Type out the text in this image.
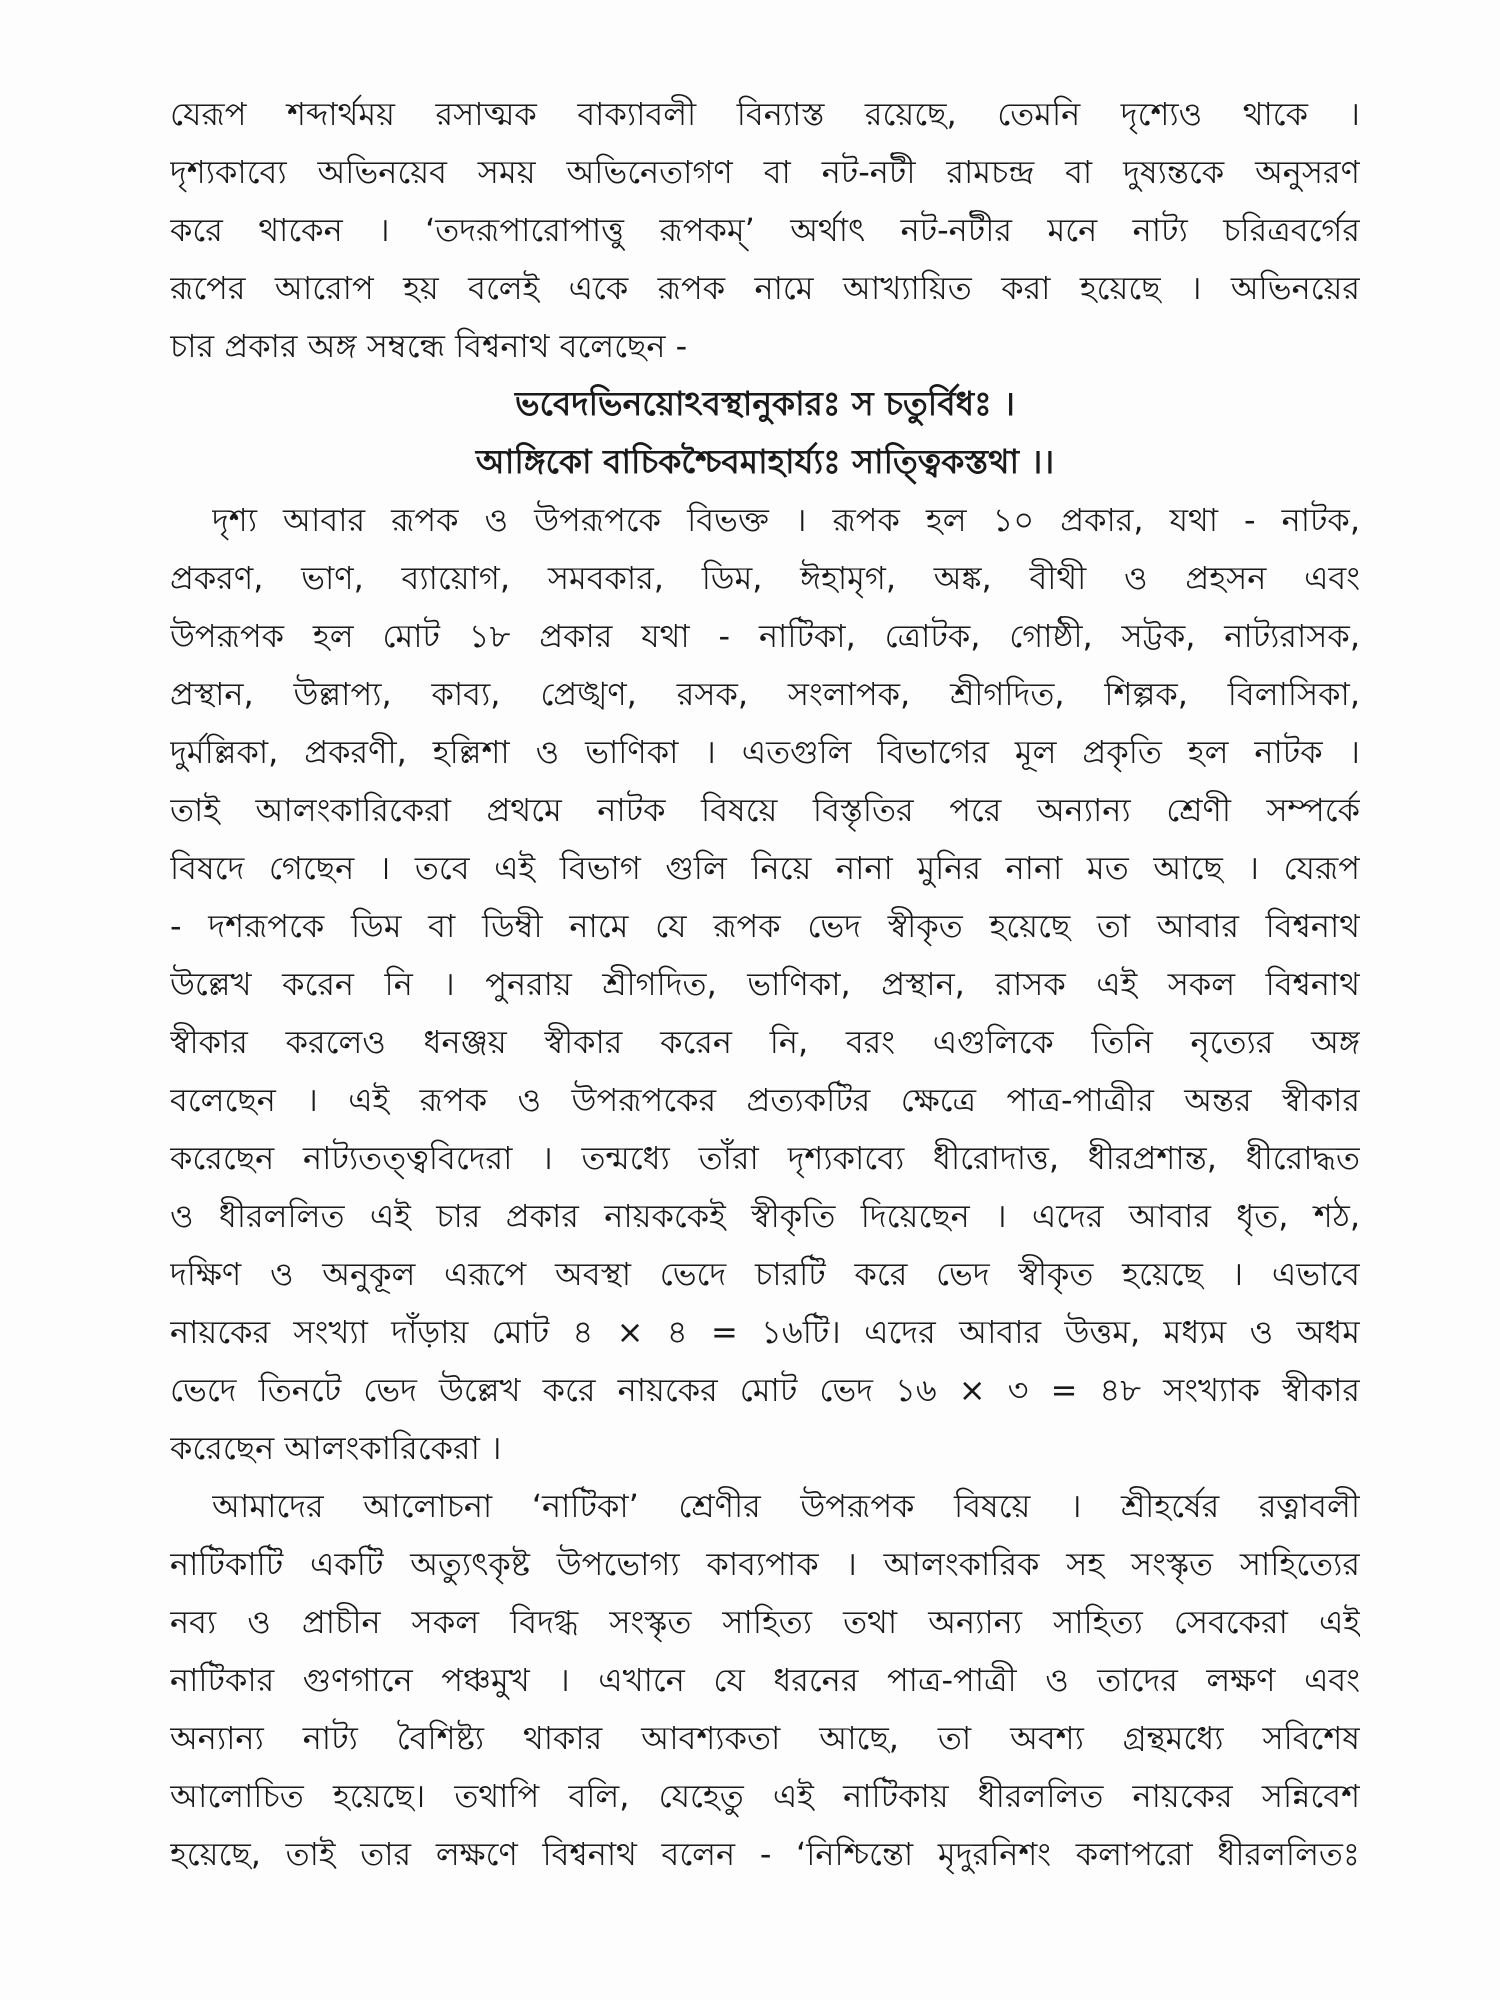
যেরূপ শব্দার্থময় রসাত্মক বাক্যাবলী বিন্যাস্ত রয়েছে, তেমনি দৃশ্যেও থাকে ।
দৃশ্যকাব্যে অভিনয়েব সময় অভিনেতাগণ বা নট-নটী রামচন্দ্র বা দুষ্যন্তকে অনুসরণ
করে থাকেন । ‘তদরূপারোপাত্তু রূপকম্’ অর্থাৎ নট-নটীর মনে নাট্য চরিত্রবর্গের
রূপের আরোপ হয় বলেই একে রূপক নামে আখ্যায়িত করা হয়েছে । অভিনয়ের
চার প্রকার অঙ্গ সম্বন্ধে বিশ্বনাথ বলেছেন -
ভবেদভিনয়োঽবস্থানুকারঃ স চতুর্বিধঃ ।
আঙ্গিকো বাচিকশ্চৈবমাহার্য্যঃ সাত্ত্বিকস্তথা ।।
দৃশ্য আবার রূপক ও উপরূপকে বিভক্ত । রূপক হল ১০ প্রকার, যথা - নাটক,
প্রকরণ, ভাণ, ব্যায়োগ, সমবকার, ডিম, ঈহামৃগ, অঙ্ক, বীথী ও প্রহসন এবং
উপরূপক হল মোট ১৮ প্রকার যথা - নাটিকা, ত্রোটক, গোষ্ঠী, সট্টক, নাট্যরাসক,
প্রস্থান, উল্লাপ্য, কাব্য, প্রেঙ্খণ, রসক, সংলাপক, শ্রীগদিত, শিল্পক, বিলাসিকা,
দুর্মল্লিকা, প্রকরণী, হল্লিশা ও ভাণিকা । এতগুলি বিভাগের মূল প্রকৃতি হল নাটক ।
তাই আলংকারিকেরা প্রথমে নাটক বিষয়ে বিস্তৃতির পরে অন্যান্য শ্রেণী সম্পর্কে
বিষদে গেছেন । তবে এই বিভাগ গুলি নিয়ে নানা মুনির নানা মত আছে । যেরূপ
- দশরূপকে ডিম বা ডিম্বী নামে যে রূপক ভেদ স্বীকৃত হয়েছে তা আবার বিশ্বনাথ
উল্লেখ করেন নি । পুনরায় শ্রীগদিত, ভাণিকা, প্রস্থান, রাসক এই সকল বিশ্বনাথ
স্বীকার করলেও ধনঞ্জয় স্বীকার করেন নি, বরং এগুলিকে তিনি নৃত্যের অঙ্গ
বলেছেন । এই রূপক ও উপরূপকের প্রত্যকটির ক্ষেত্রে পাত্র-পাত্রীর অন্তর স্বীকার
করেছেন নাট্যতত্ত্ববিদেরা । তন্মধ্যে তাঁরা দৃশ্যকাব্যে ধীরোদাত্ত, ধীরপ্রশান্ত, ধীরোদ্ধত
ও ধীরললিত এই চার প্রকার নায়ককেই স্বীকৃতি দিয়েছেন । এদের আবার ধৃত, শঠ,
দক্ষিণ ও অনুকূল এরূপে অবস্থা ভেদে চারটি করে ভেদ স্বীকৃত হয়েছে । এভাবে
নায়কের সংখ্যা দাঁড়ায় মোট ৪ × ৪ = ১৬টি। এদের আবার উত্তম, মধ্যম ও অধম
ভেদে তিনটে ভেদ উল্লেখ করে নায়কের মোট ভেদ ১৬ × ৩ = ৪৮ সংখ্যাক স্বীকার
করেছেন আলংকারিকেরা ।
আমাদের আলোচনা ‘নাটিকা’ শ্রেণীর উপরূপক বিষয়ে । শ্রীহর্ষের রত্নাবলী
নাটিকাটি একটি অত্যুৎকৃষ্ট উপভোগ্য কাব্যপাক । আলংকারিক সহ সংস্কৃত সাহিত্যের
নব্য ও প্রাচীন সকল বিদগ্ধ সংস্কৃত সাহিত্য তথা অন্যান্য সাহিত্য সেবকেরা এই
নাটিকার গুণগানে পঞ্চমুখ । এখানে যে ধরনের পাত্র-পাত্রী ও তাদের লক্ষণ এবং
অন্যান্য নাট্য বৈশিষ্ট্য থাকার আবশ্যকতা আছে, তা অবশ্য গ্রন্থমধ্যে সবিশেষ
আলোচিত হয়েছে। তথাপি বলি, যেহেতু এই নাটিকায় ধীরললিত নায়কের সন্নিবেশ
হয়েছে, তাই তার লক্ষণে বিশ্বনাথ বলেন - ‘নিশ্চিন্তো মৃদুরনিশং কলাপরো ধীরললিতঃ
